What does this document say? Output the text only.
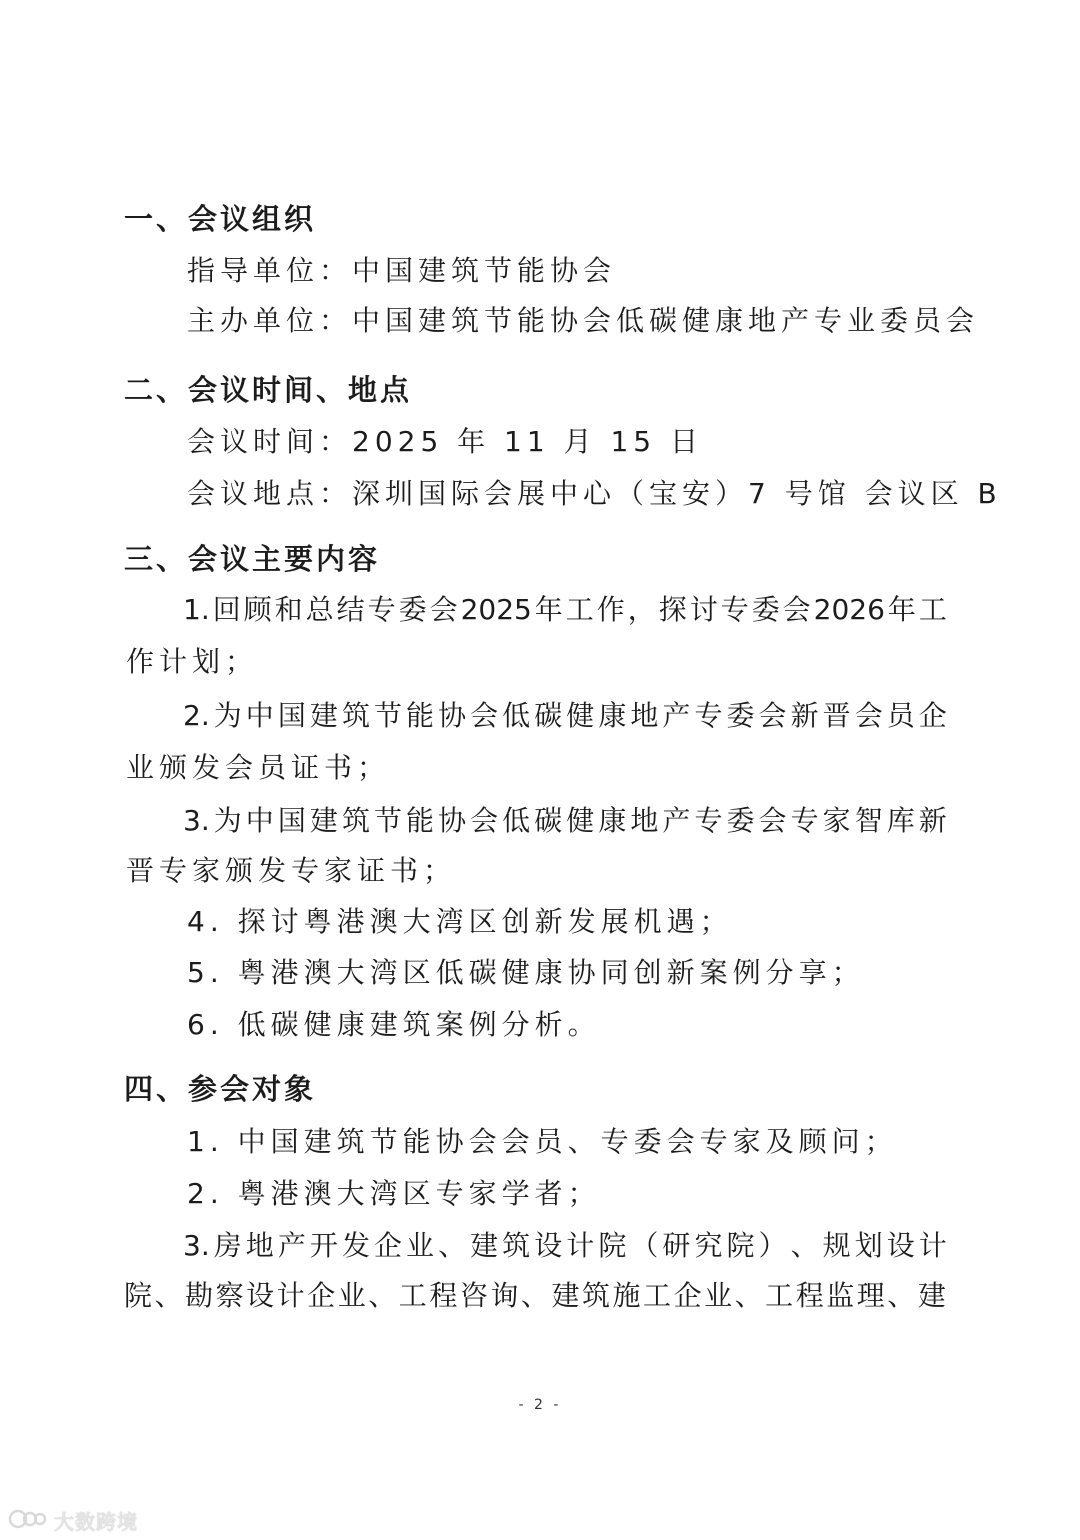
一、会议组织
指导单位：中国建筑节能协会
主办单位：中国建筑节能协会低碳健康地产专业委员会
二、会议时间、地点
会议时间：2025 年 11 月 15 日
会议地点：深圳国际会展中心（宝安）7 号馆 会议区 B
三、会议主要内容
1. 回 顾 和 总 结 专 委 会 2025 年 工 作 ， 探 讨 专 委 会 2026 年 工
作计划；
2. 为 中 国 建 筑 节 能 协 会 低 碳 健 康 地 产 专 委 会 新 晋 会 员 企
业颁发会员证书；
3. 为 中 国 建 筑 节 能 协 会 低 碳 健 康 地 产 专 委 会 专 家 智 库 新
晋专家颁发专家证书；
4. 探讨粤港澳大湾区创新发展机遇；
5. 粤港澳大湾区低碳健康协同创新案例分享；
6. 低碳健康建筑案例分析。
四、参会对象
1. 中国建筑节能协会会员、专委会专家及顾问；
2. 粤港澳大湾区专家学者；
3. 房 地 产 开 发 企 业 、 建 筑 设 计 院 （ 研 究 院 ） 、 规 划 设 计
院 、 勘 察 设 计 企 业 、 工 程 咨 询 、 建 筑 施 工 企 业 、 工 程 监 理 、 建
- 2 -
大数跨境
